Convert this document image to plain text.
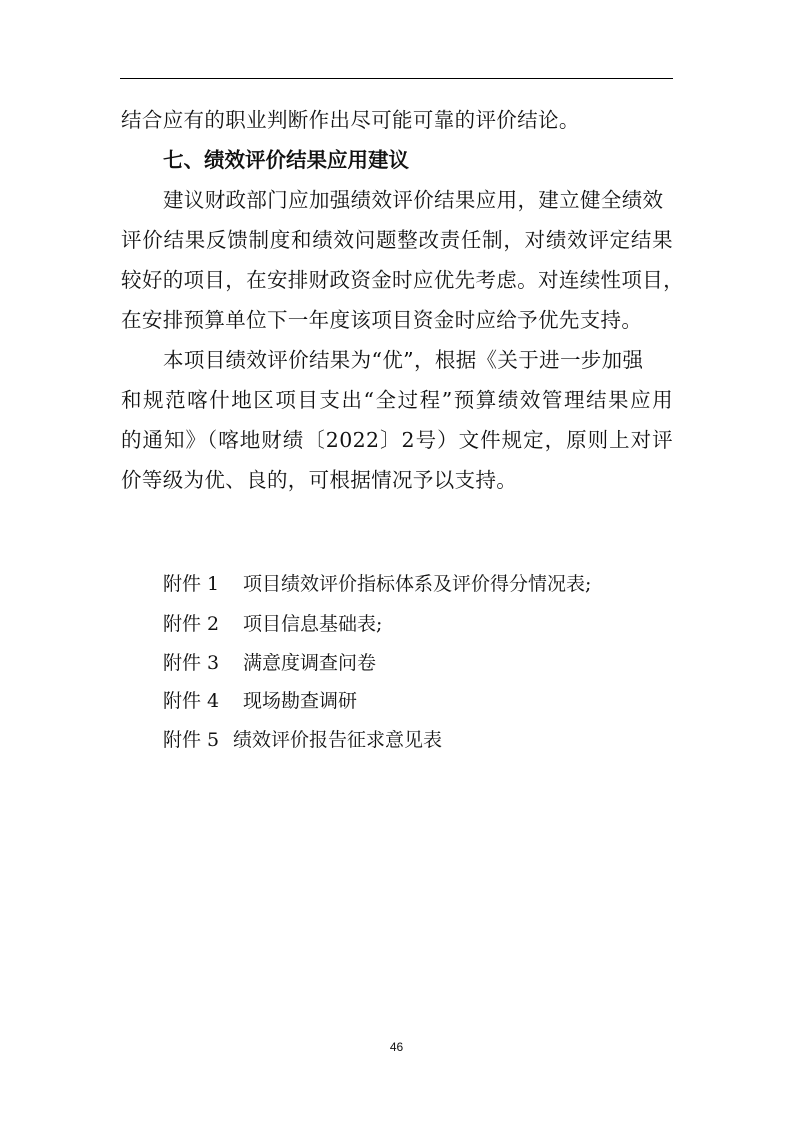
结合应有的职业判断作出尽可能可靠的评价结论。
七、绩效评价结果应用建议
建议财政部门应加强绩效评价结果应用，建立健全绩效
评价结果反馈制度和绩效问题整改责任制，对绩效评定结果
较好的项目，在安排财政资金时应优先考虑。对连续性项目，
在安排预算单位下一年度该项目资金时应给予优先支持。
本项目绩效评价结果为“优”，根据《关于进一步加强
和规范喀什地区项目支出“全过程”预算绩效管理结果应用
的通知》（喀地财绩〔2022〕2号）文件规定，原则上对评
价等级为优、良的，可根据情况予以支持。
附件 1 项目绩效评价指标体系及评价得分情况表;
附件 2 项目信息基础表;
附件 3 满意度调查问卷
附件 4 现场勘查调研
附件 5 绩效评价报告征求意见表
46
